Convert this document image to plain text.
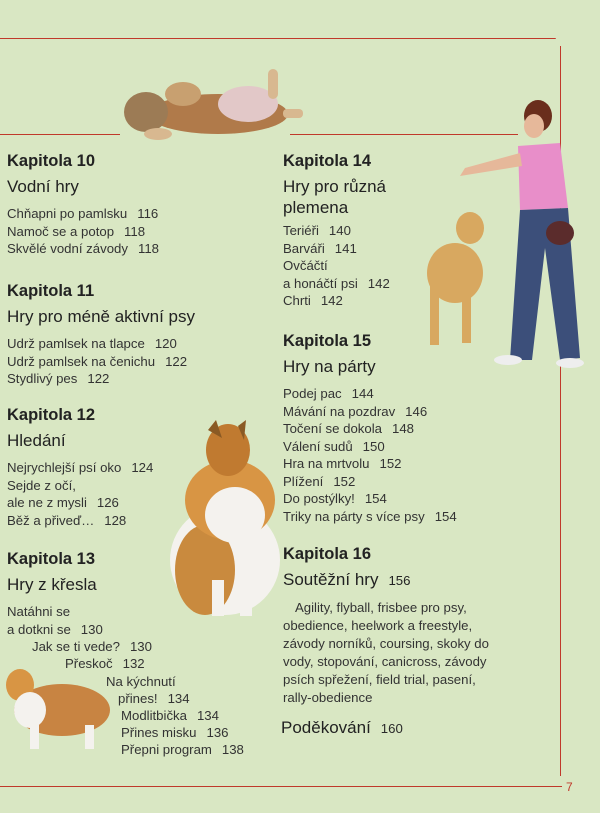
Kapitola 10
Vodní hry
Chňapni po pamlsku 116
Namoč se a potop 118
Skvělé vodní závody 118
Kapitola 11
Hry pro méně aktivní psy
Udrž pamlsek na tlapce 120
Udrž pamlsek na čenichu 122
Stydlivý pes 122
Kapitola 12
Hledání
Nejrychlejší psí oko 124
Sejde z očí,
ale ne z mysli 126
Běž a přiveď… 128
Kapitola 13
Hry z křesla
Natáhni se
a dotkni se 130
Jak se ti vede? 130
Přeskoč 132
Na kýchnutí
přines! 134
Modlitbička 134
Přines misku 136
Přepni program 138
Kapitola 14
Hry pro různá
plemena
Teriéři 140
Barváři 141
Ovčáčtí
a honáčtí psi 142
Chrti 142
Kapitola 15
Hry na párty
Podej pac 144
Mávání na pozdrav 146
Točení se dokola 148
Válení sudů 150
Hra na mrtvolu 152
Plížení 152
Do postýlky! 154
Triky na párty s více psy 154
Kapitola 16
Soutěžní hry 156
Agility, flyball, frisbee pro psy,
obedience, heelwork a freestyle,
závody norníků, coursing, skoky do
vody, stopování, canicross, závody
psích spřežení, field trial, pasení,
rally-obedience
Poděkování 160
7
